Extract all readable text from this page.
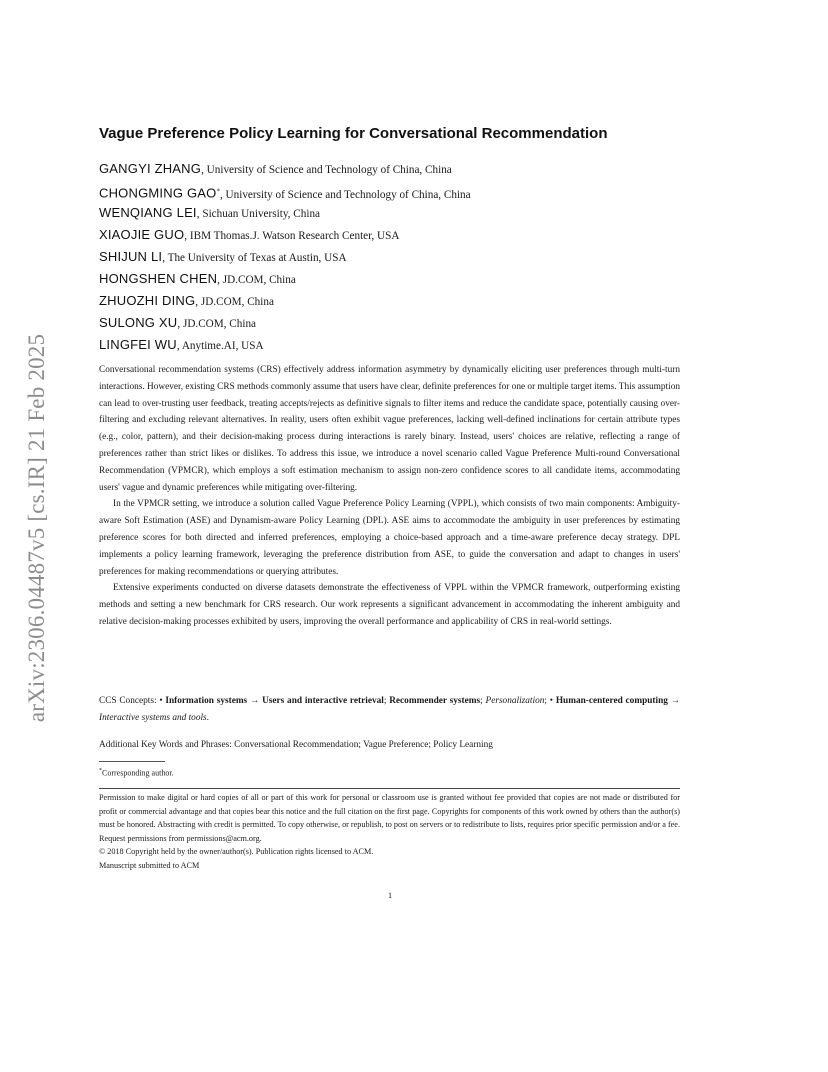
arXiv:2306.04487v5 [cs.IR] 21 Feb 2025
Vague Preference Policy Learning for Conversational Recommendation
GANGYI ZHANG, University of Science and Technology of China, China
CHONGMING GAO*, University of Science and Technology of China, China
WENQIANG LEI, Sichuan University, China
XIAOJIE GUO, IBM Thomas.J. Watson Research Center, USA
SHIJUN LI, The University of Texas at Austin, USA
HONGSHEN CHEN, JD.COM, China
ZHUOZHI DING, JD.COM, China
SULONG XU, JD.COM, China
LINGFEI WU, Anytime.AI, USA

Conversational recommendation systems (CRS) effectively address information asymmetry by dynamically eliciting user preferences through multi-turn interactions. However, existing CRS methods commonly assume that users have clear, definite preferences for one or multiple target items. This assumption can lead to over-trusting user feedback, treating accepts/rejects as definitive signals to filter items and reduce the candidate space, potentially causing over-filtering and excluding relevant alternatives. In reality, users often exhibit vague preferences, lacking well-defined inclinations for certain attribute types (e.g., color, pattern), and their decision-making process during interactions is rarely binary. Instead, users' choices are relative, reflecting a range of preferences rather than strict likes or dislikes. To address this issue, we introduce a novel scenario called Vague Preference Multi-round Conversational Recommendation (VPMCR), which employs a soft estimation mechanism to assign non-zero confidence scores to all candidate items, accommodating users' vague and dynamic preferences while mitigating over-filtering.

In the VPMCR setting, we introduce a solution called Vague Preference Policy Learning (VPPL), which consists of two main components: Ambiguity-aware Soft Estimation (ASE) and Dynamism-aware Policy Learning (DPL). ASE aims to accommodate the ambiguity in user preferences by estimating preference scores for both directed and inferred preferences, employing a choice-based approach and a time-aware preference decay strategy. DPL implements a policy learning framework, leveraging the preference distribution from ASE, to guide the conversation and adapt to changes in users' preferences for making recommendations or querying attributes.

Extensive experiments conducted on diverse datasets demonstrate the effectiveness of VPPL within the VPMCR framework, outperforming existing methods and setting a new benchmark for CRS research. Our work represents a significant advancement in accommodating the inherent ambiguity and relative decision-making processes exhibited by users, improving the overall performance and applicability of CRS in real-world settings.

CCS Concepts: • Information systems → Users and interactive retrieval; Recommender systems; Personalization; • Human-centered computing → Interactive systems and tools.
Additional Key Words and Phrases: Conversational Recommendation; Vague Preference; Policy Learning
*Corresponding author.
Permission to make digital or hard copies of all or part of this work for personal or classroom use is granted without fee provided that copies are not made or distributed for profit or commercial advantage and that copies bear this notice and the full citation on the first page. Copyrights for components of this work owned by others than the author(s) must be honored. Abstracting with credit is permitted. To copy otherwise, or republish, to post on servers or to redistribute to lists, requires prior specific permission and/or a fee. Request permissions from permissions@acm.org.
© 2018 Copyright held by the owner/author(s). Publication rights licensed to ACM.
Manuscript submitted to ACM
1
